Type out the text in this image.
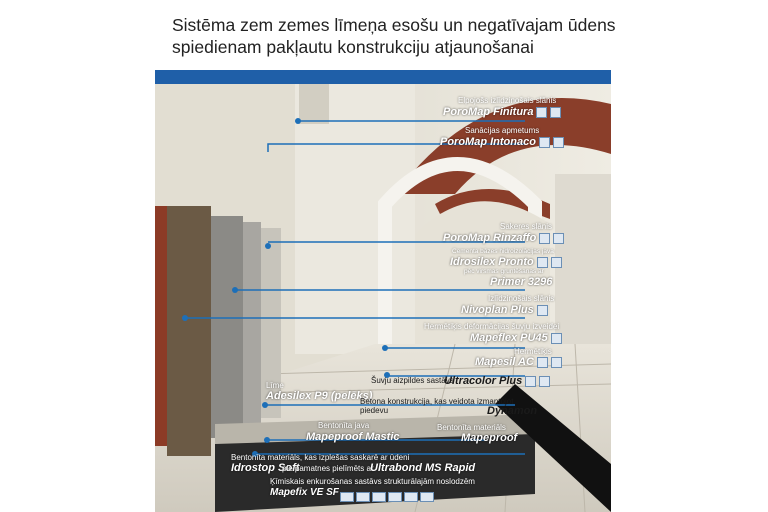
Sistēma zem zemes līmeņa esošu un negatīvajam ūdens
spiedienam pakļautu konstrukciju atjaunošanai
Elpojošs izlīdzinošais slānis
PoroMap Finitura
Sanācijas apmetums
PoroMap Intonaco
Sakeres slānis
PoroMap Rinzaffo
Cementa bāzes hidroizolācijas java
Idrosilex Pronto
pēc virsmas gruntēšanas ar
Primer 3296
Izlīdzinošais slānis
Nivoplan Plus
Hermētiķis deformācijas šuvju izveidei
Mapeflex PU45
Hermētiķis
Mapesil AC
Šuvju aizpildes sastāvs
Ultracolor Plus
Līme
Adesilex P9 (pelēks)
Betona konstrukcija, kas veidota izmantojot piedevu	Dynamon
Bentonīta java
Mapeproof Mastic
Bentonīta materiāls
Mapeproof
Bentonīta materiāls, kas izplešas saskarē ar ūdeni
Idrostop Soft
pie pamatnes pielīmēts ar
Ultrabond MS Rapid
Ķīmiskais enkurošanas sastāvs strukturālajām noslodzēm
Mapefix VE SF
